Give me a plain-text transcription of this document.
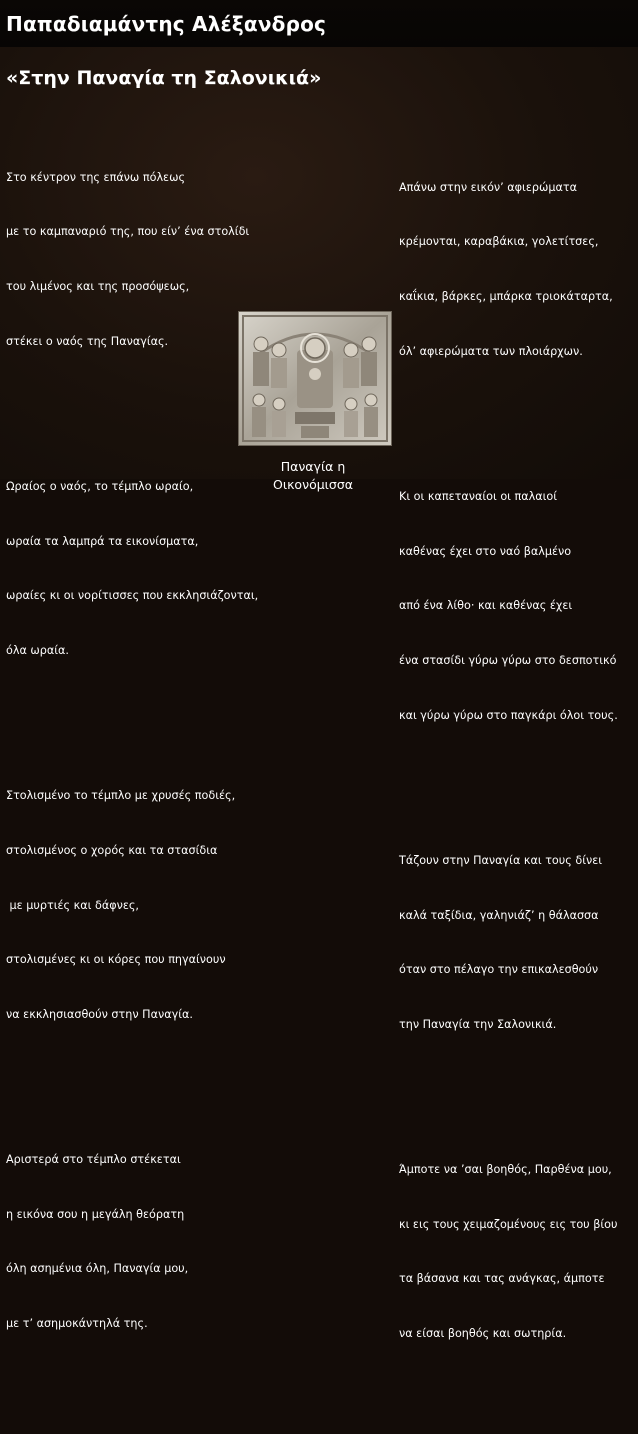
Παπαδιαμάντης Αλέξανδρος
«Στην Παναγία τη Σαλονικιά»

Στο κέντρον της επάνω πόλεως

με το καμπαναριό της, που είν’ ένα στολίδι

του λιμένος και της προσόψεως,

στέκει ο ναός της Παναγίας.

Ωραίος ο ναός, το τέμπλο ωραίο,

ωραία τα λαμπρά τα εικονίσματα,

ωραίες κι οι νορίτισσες που εκκλησιάζονται,

όλα ωραία.

Στολισμένο το τέμπλο με χρυσές ποδιές,

στολισμένος ο χορός και τα στασίδια

με μυρτιές και δάφνες,

στολισμένες κι οι κόρες που πηγαίνουν

να εκκλησιασθούν στην Παναγία.

Αριστερά στο τέμπλο στέκεται

η εικόνα σου η μεγάλη θεόρατη

όλη ασημένια όλη, Παναγία μου,

με τ’ ασημοκάντηλά της.

Απάνω στην εικόν’ αφιερώματα

κρέμονται, καραβάκια, γολετίτσες,

καΐκια, βάρκες, μπάρκα τριοκάταρτα,

όλ’ αφιερώματα των πλοιάρχων.

Κι οι καπεταναίοι οι παλαιοί

καθένας έχει στο ναό βαλμένο

από ένα λίθο· και καθένας έχει

ένα στασίδι γύρω γύρω στο δεσποτικό

και γύρω γύρω στο παγκάρι όλοι τους.

Τάζουν στην Παναγία και τους δίνει

καλά ταξίδια, γαληνιάζ’ η θάλασσα

όταν στο πέλαγο την επικαλεσθούν

την Παναγία την Σαλονικιά.

Άμποτε να ’σαι βοηθός, Παρθένα μου,

κι εις τους χειμαζομένους εις του βίου

τα βάσανα και τας ανάγκας, άμποτε

να είσαι βοηθός και σωτηρία.

Παναγία η Οικονόμισσα
